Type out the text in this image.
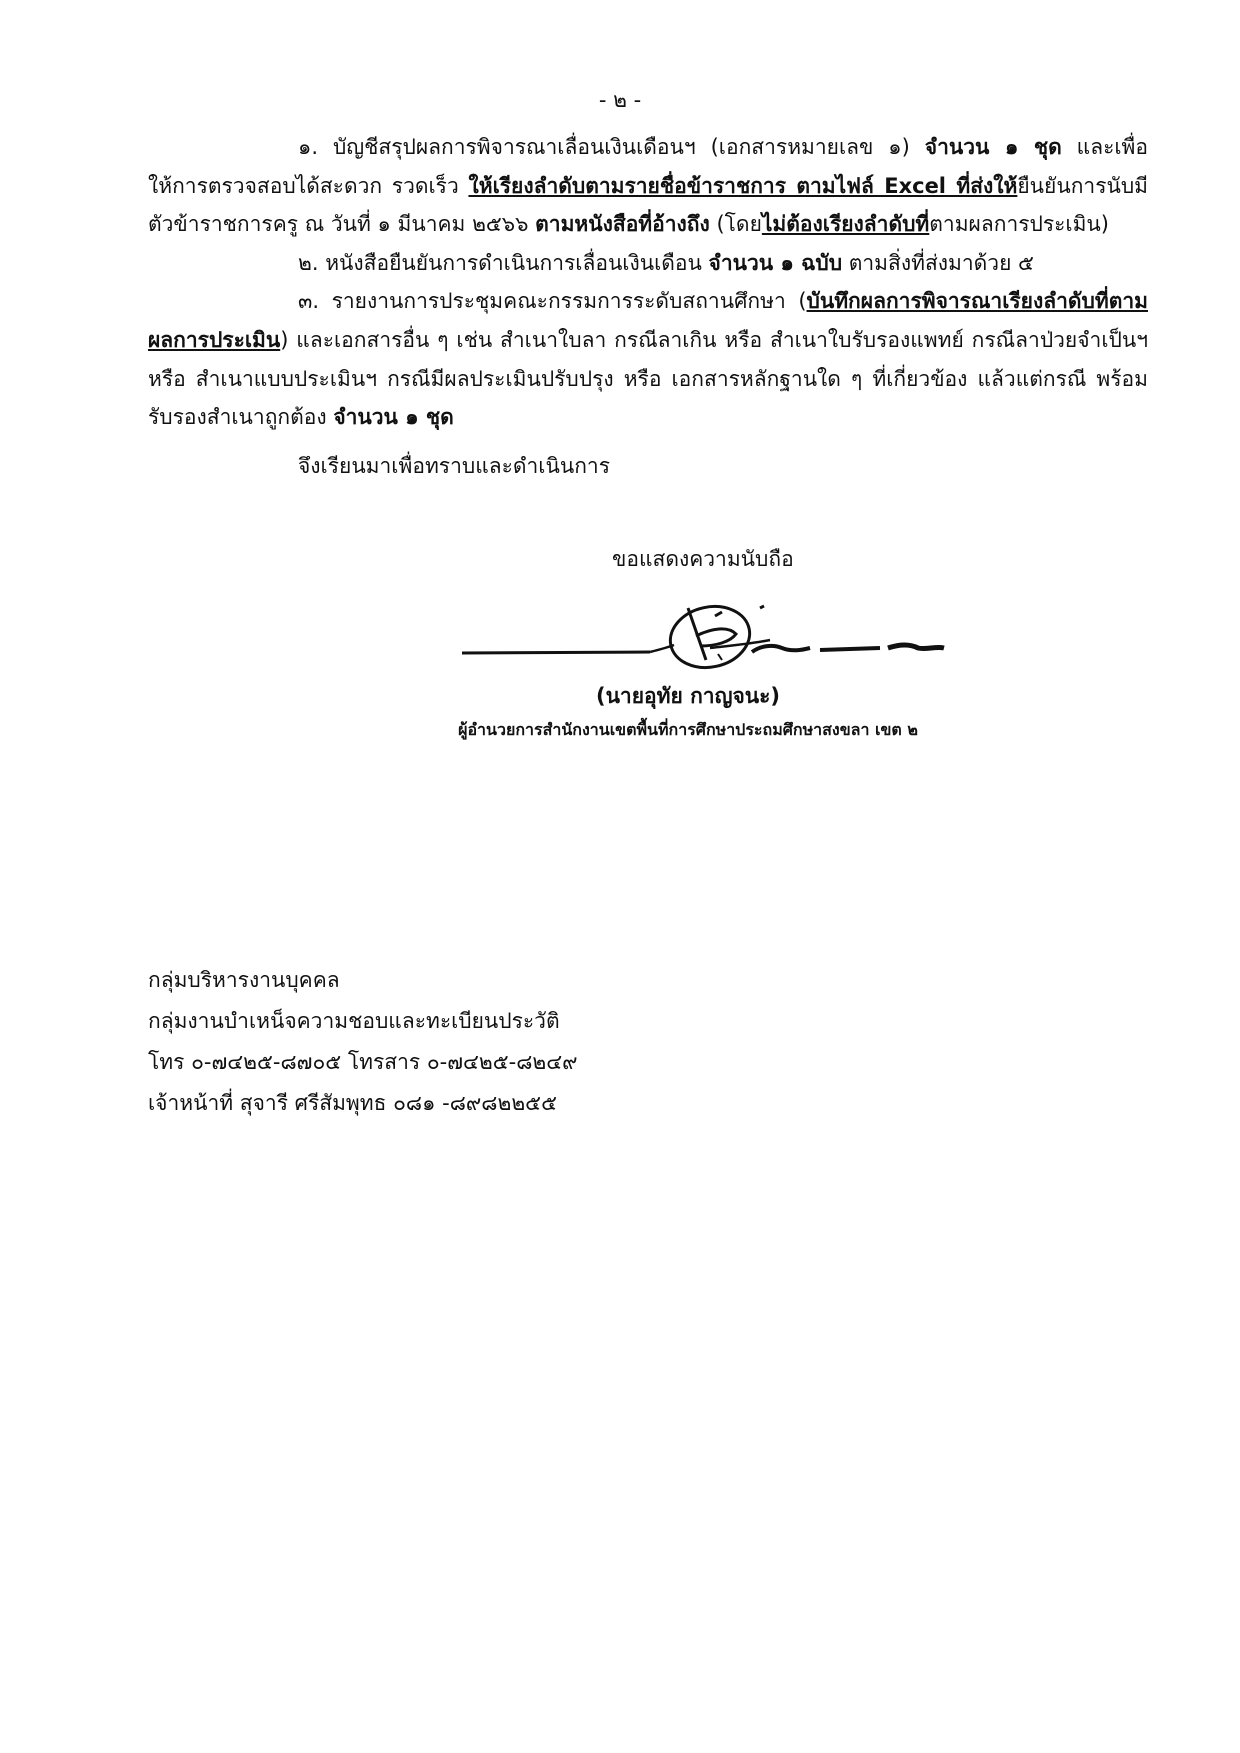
- ๒ -

๑. บัญชีสรุปผลการพิจารณาเลื่อนเงินเดือนฯ (เอกสารหมายเลข ๑) จำนวน ๑ ชุด และเพื่อให้การตรวจสอบได้สะดวก รวดเร็ว ให้เรียงลำดับตามรายชื่อข้าราชการ ตามไฟล์ Excel ที่ส่งให้ยืนยันการนับมีตัวข้าราชการครู ณ วันที่ ๑ มีนาคม ๒๕๖๖ ตามหนังสือที่อ้างถึง (โดยไม่ต้องเรียงลำดับที่ตามผลการประเมิน)

๒. หนังสือยืนยันการดำเนินการเลื่อนเงินเดือน จำนวน ๑ ฉบับ ตามสิ่งที่ส่งมาด้วย ๕

๓. รายงานการประชุมคณะกรรมการระดับสถานศึกษา (บันทึกผลการพิจารณาเรียงลำดับที่ตามผลการประเมิน) และเอกสารอื่น ๆ เช่น สำเนาใบลา กรณีลาเกิน หรือ สำเนาใบรับรองแพทย์ กรณีลาป่วยจำเป็นฯ หรือ สำเนาแบบประเมินฯ กรณีมีผลประเมินปรับปรุง หรือ เอกสารหลักฐานใด ๆ ที่เกี่ยวข้อง แล้วแต่กรณี พร้อมรับรองสำเนาถูกต้อง จำนวน ๑ ชุด

จึงเรียนมาเพื่อทราบและดำเนินการ

ขอแสดงความนับถือ
(นายอุทัย กาญจนะ)
ผู้อำนวยการสำนักงานเขตพื้นที่การศึกษาประถมศึกษาสงขลา เขต ๒
กลุ่มบริหารงานบุคคล
กลุ่มงานบำเหน็จความชอบและทะเบียนประวัติ
โทร ๐-๗๔๒๕-๘๗๐๕ โทรสาร ๐-๗๔๒๕-๘๒๔๙
เจ้าหน้าที่ สุจารี ศรีสัมพุทธ ๐๘๑ -๘๙๘๒๒๕๕
